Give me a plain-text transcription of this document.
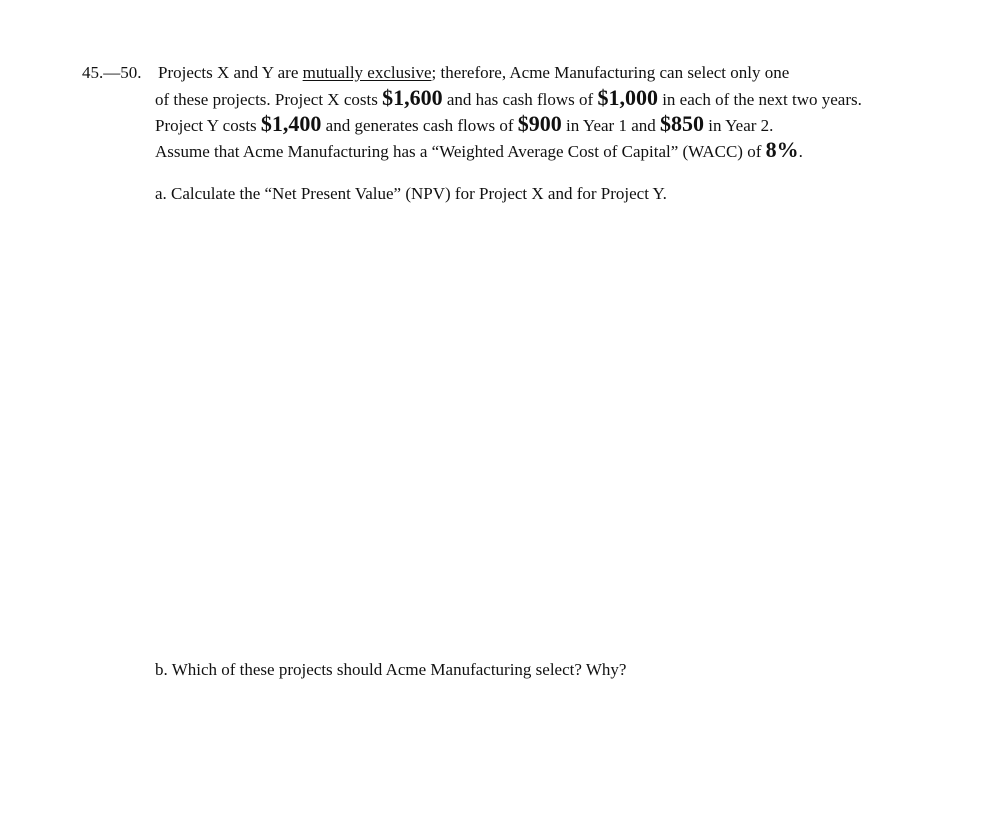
45.—50. Projects X and Y are mutually exclusive; therefore, Acme Manufacturing can select only one
of these projects. Project X costs $1,600 and has cash flows of $1,000 in each of the next two years.
Project Y costs $1,400 and generates cash flows of $900 in Year 1 and $850 in Year 2.
Assume that Acme Manufacturing has a “Weighted Average Cost of Capital” (WACC) of 8%.
a. Calculate the “Net Present Value” (NPV) for Project X and for Project Y.
b. Which of these projects should Acme Manufacturing select? Why?
